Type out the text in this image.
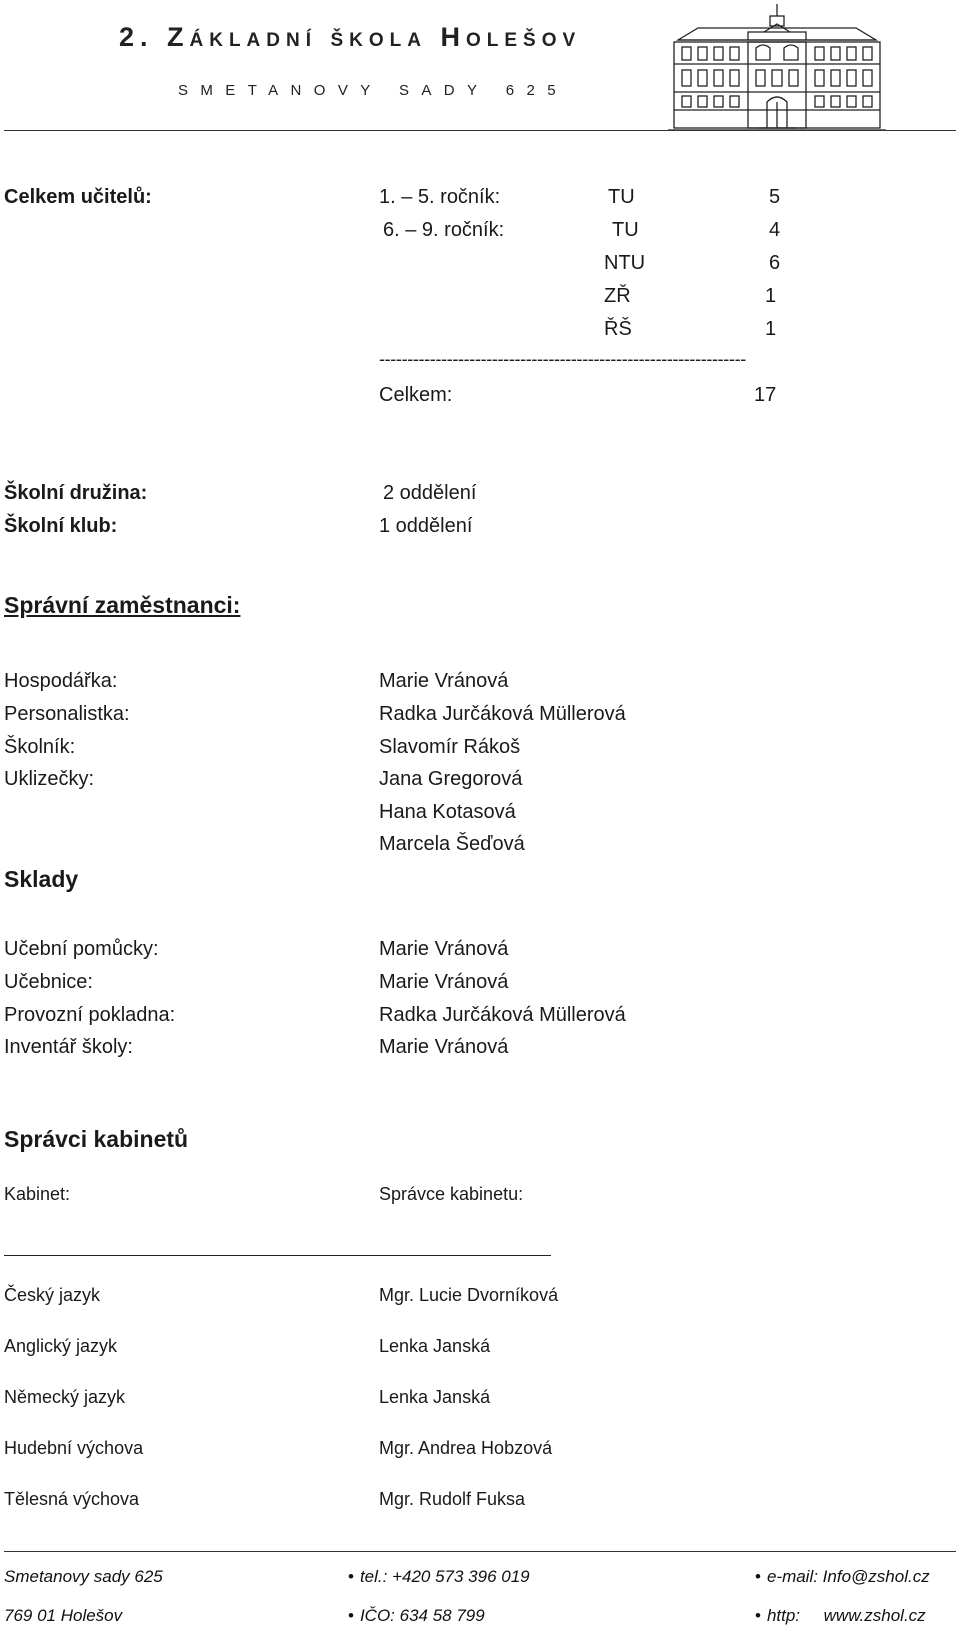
2. Základní škola Holešov
SMETANOVY SADY 625
Celkem učitelů:	1. – 5. ročník:	TU	5
6. – 9. ročník:	TU	4
NTU	6
ZŘ	1
ŘŠ	1
-----------------------------------------------------------------
Celkem:	17
Školní družina:	2 oddělení
Školní klub:	1 oddělení
Správní zaměstnanci:
Hospodářka:	Marie Vránová
Personalistka:	Radka Jurčáková Müllerová
Školník:	Slavomír Rákoš
Uklizečky:	Jana Gregorová
Hana Kotasová
Marcela Šeďová
Sklady
Učební pomůcky:	Marie Vránová
Učebnice:	Marie Vránová
Provozní pokladna:	Radka Jurčáková Müllerová
Inventář školy:	Marie Vránová
Správci kabinetů
Kabinet:	Správce kabinetu:
Český jazyk	Mgr. Lucie Dvorníková
Anglický jazyk	Lenka Janská
Německý jazyk	Lenka Janská
Hudební výchova	Mgr. Andrea Hobzová
Tělesná výchova	Mgr. Rudolf Fuksa
Smetanovy sady 625	• tel.: +420 573 396 019	• e-mail: Info@zshol.cz
769 01 Holešov	• IČO: 634 58 799	• http:     www.zshol.cz
